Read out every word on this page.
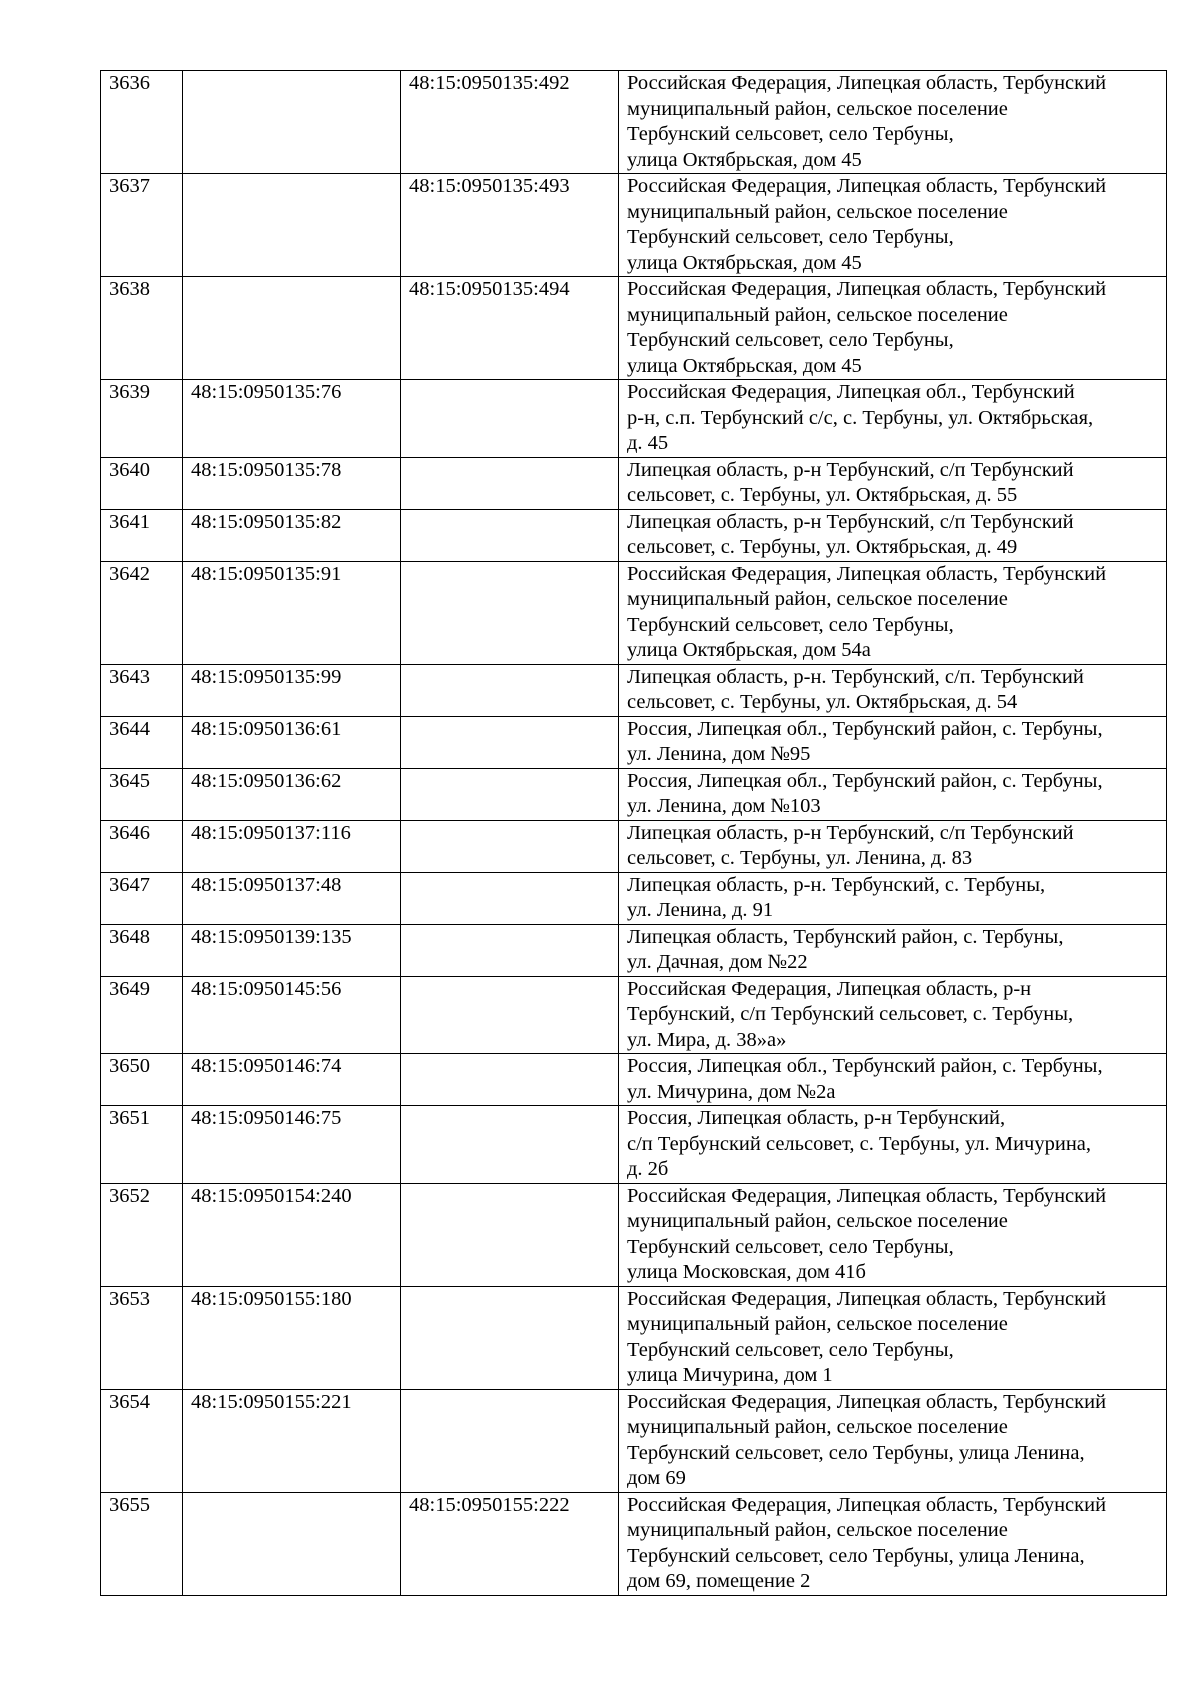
3636		48:15:0950135:492	Российская Федерация, Липецкая область, Тербунский
муниципальный район, сельское поселение
Тербунский сельсовет, село Тербуны,
улица Октябрьская, дом 45

3637		48:15:0950135:493	Российская Федерация, Липецкая область, Тербунский
муниципальный район, сельское поселение
Тербунский сельсовет, село Тербуны,
улица Октябрьская, дом 45

3638		48:15:0950135:494	Российская Федерация, Липецкая область, Тербунский
муниципальный район, сельское поселение
Тербунский сельсовет, село Тербуны,
улица Октябрьская, дом 45

3639	48:15:0950135:76		Российская Федерация, Липецкая обл., Тербунский
р-н, с.п. Тербунский с/с, с. Тербуны, ул. Октябрьская,
д. 45

3640	48:15:0950135:78		Липецкая область, р-н Тербунский, с/п Тербунский
сельсовет, с. Тербуны, ул. Октябрьская, д. 55

3641	48:15:0950135:82		Липецкая область, р-н Тербунский, с/п Тербунский
сельсовет, с. Тербуны, ул. Октябрьская, д. 49

3642	48:15:0950135:91		Российская Федерация, Липецкая область, Тербунский
муниципальный район, сельское поселение
Тербунский сельсовет, село Тербуны,
улица Октябрьская, дом 54а

3643	48:15:0950135:99		Липецкая область, р-н. Тербунский, с/п. Тербунский
сельсовет, с. Тербуны, ул. Октябрьская, д. 54

3644	48:15:0950136:61		Россия, Липецкая обл., Тербунский район, с. Тербуны,
ул. Ленина, дом №95

3645	48:15:0950136:62		Россия, Липецкая обл., Тербунский район, с. Тербуны,
ул. Ленина, дом №103

3646	48:15:0950137:116		Липецкая область, р-н Тербунский, с/п Тербунский
сельсовет, с. Тербуны, ул. Ленина, д. 83

3647	48:15:0950137:48		Липецкая область, р-н. Тербунский, с. Тербуны,
ул. Ленина, д. 91

3648	48:15:0950139:135		Липецкая область, Тербунский район, с. Тербуны,
ул. Дачная, дом №22

3649	48:15:0950145:56		Российская Федерация, Липецкая область, р-н
Тербунский, с/п Тербунский сельсовет, с. Тербуны,
ул. Мира, д. 38»а»

3650	48:15:0950146:74		Россия, Липецкая обл., Тербунский район, с. Тербуны,
ул. Мичурина, дом №2а

3651	48:15:0950146:75		Россия, Липецкая область, р-н Тербунский,
с/п Тербунский сельсовет, с. Тербуны, ул. Мичурина,
д. 2б

3652	48:15:0950154:240		Российская Федерация, Липецкая область, Тербунский
муниципальный район, сельское поселение
Тербунский сельсовет, село Тербуны,
улица Московская, дом 41б

3653	48:15:0950155:180		Российская Федерация, Липецкая область, Тербунский
муниципальный район, сельское поселение
Тербунский сельсовет, село Тербуны,
улица Мичурина, дом 1

3654	48:15:0950155:221		Российская Федерация, Липецкая область, Тербунский
муниципальный район, сельское поселение
Тербунский сельсовет, село Тербуны, улица Ленина,
дом 69

3655		48:15:0950155:222	Российская Федерация, Липецкая область, Тербунский
муниципальный район, сельское поселение
Тербунский сельсовет, село Тербуны, улица Ленина,
дом 69, помещение 2
